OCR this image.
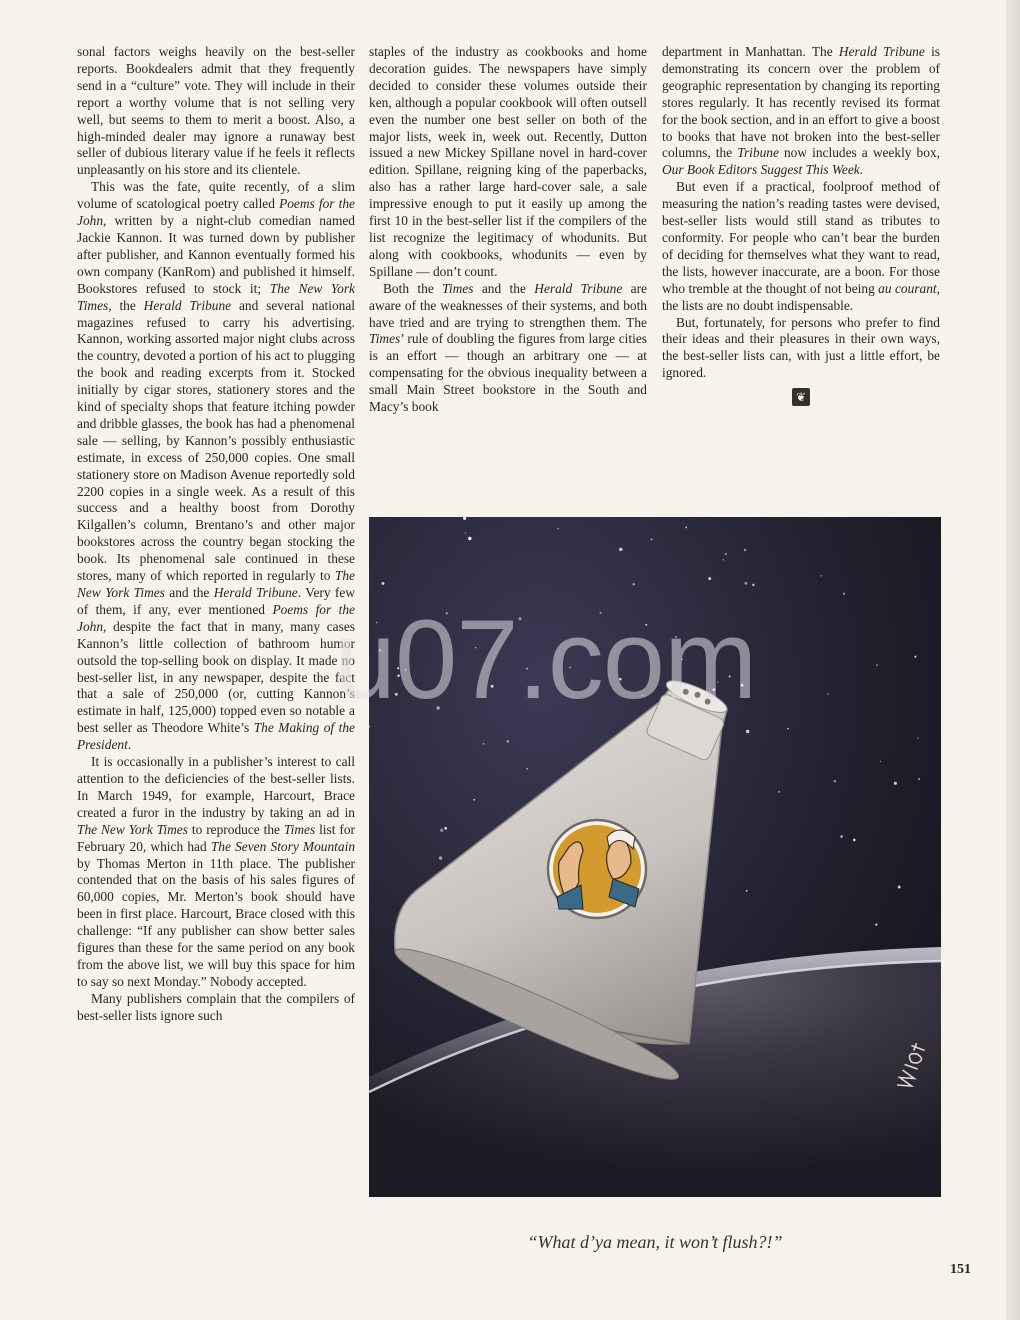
sonal factors weighs heavily on the best-seller reports. Bookdealers admit that they frequently send in a “culture” vote. They will include in their report a worthy volume that is not selling very well, but seems to them to merit a boost. Also, a high-minded dealer may ignore a runaway best seller of dubious literary value if he feels it reflects unpleasantly on his store and its clientele.

This was the fate, quite recently, of a slim volume of scatological poetry called Poems for the John, written by a night-club comedian named Jackie Kannon. It was turned down by publisher after publisher, and Kannon eventually formed his own company (KanRom) and published it himself. Bookstores refused to stock it; The New York Times, the Herald Tribune and several national magazines refused to carry his advertising. Kannon, working assorted major night clubs across the country, devoted a portion of his act to plugging the book and reading excerpts from it. Stocked initially by cigar stores, stationery stores and the kind of specialty shops that feature itching powder and dribble glasses, the book has had a phenomenal sale — selling, by Kannon’s possibly enthusiastic estimate, in excess of 250,000 copies. One small stationery store on Madison Avenue reportedly sold 2200 copies in a single week. As a result of this success and a healthy boost from Dorothy Kilgallen’s column, Brentano’s and other major bookstores across the country began stocking the book. Its phenomenal sale continued in these stores, many of which reported in regularly to The New York Times and the Herald Tribune. Very few of them, if any, ever mentioned Poems for the John, despite the fact that in many, many cases Kannon’s little collection of bathroom humor outsold the top-selling book on display. It made no best-seller list, in any newspaper, despite the fact that a sale of 250,000 (or, cutting Kannon’s estimate in half, 125,000) topped even so notable a best seller as Theodore White’s The Making of the President.

It is occasionally in a publisher’s interest to call attention to the deficiencies of the best-seller lists. In March 1949, for example, Harcourt, Brace created a furor in the industry by taking an ad in The New York Times to reproduce the Times list for February 20, which had The Seven Story Mountain by Thomas Merton in 11th place. The publisher contended that on the basis of his sales figures of 60,000 copies, Mr. Merton’s book should have been in first place. Harcourt, Brace closed with this challenge: “If any publisher can show better sales figures than these for the same period on any book from the above list, we will buy this space for him to say so next Monday.” Nobody accepted.

Many publishers complain that the compilers of best-seller lists ignore such

staples of the industry as cookbooks and home decoration guides. The newspapers have simply decided to consider these volumes outside their ken, although a popular cookbook will often outsell even the number one best seller on both of the major lists, week in, week out. Recently, Dutton issued a new Mickey Spillane novel in hard-cover edition. Spillane, reigning king of the paperbacks, also has a rather large hard-cover sale, a sale impressive enough to put it easily up among the first 10 in the best-seller list if the compilers of the list recognize the legitimacy of whodunits. But along with cookbooks, whodunits — even by Spillane — don’t count.

Both the Times and the Herald Tribune are aware of the weaknesses of their systems, and both have tried and are trying to strengthen them. The Times’ rule of doubling the figures from large cities is an effort — though an arbitrary one — at compensating for the obvious inequality between a small Main Street bookstore in the South and Macy’s book

department in Manhattan. The Herald Tribune is demonstrating its concern over the problem of geographic representation by changing its reporting stores regularly. It has recently revised its format for the book section, and in an effort to give a boost to books that have not broken into the best-seller columns, the Tribune now includes a weekly box, Our Book Editors Suggest This Week.

But even if a practical, foolproof method of measuring the nation’s reading tastes were devised, best-seller lists would still stand as tributes to conformity. For people who can’t bear the burden of deciding for themselves what they want to read, the lists, however inaccurate, are a boon. For those who tremble at the thought of not being au courant, the lists are no doubt indispensable.

But, fortunately, for persons who prefer to find their ideas and their pleasures in their own ways, the best-seller lists can, with just a little effort, be ignored.

❦
u07.com
“What d’ya mean, it won’t flush?!”
151
